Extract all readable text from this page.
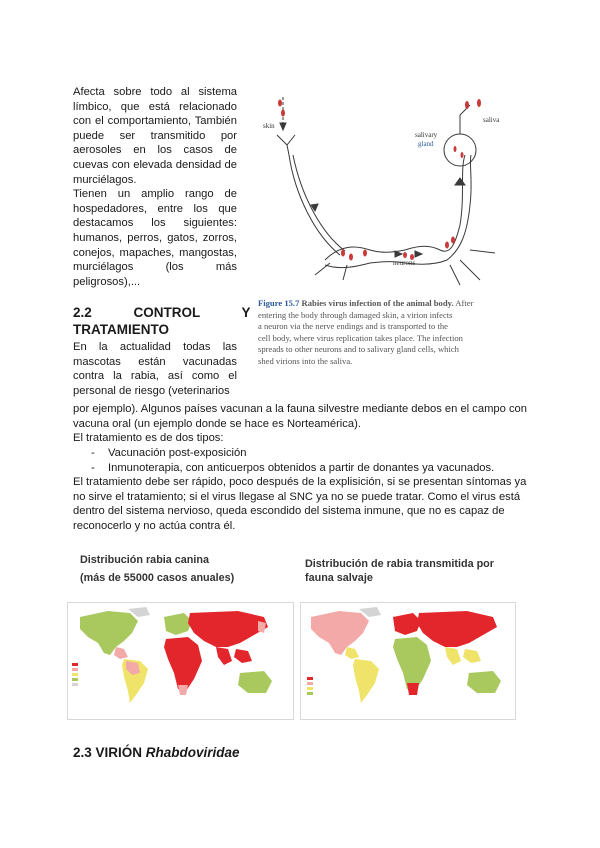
Afecta sobre todo al sistema
límbico, que está relacionado
con el comportamiento, También
puede ser transmitido por
aerosoles en los casos de
cuevas con elevada densidad de
murciélagos.
Tienen un amplio rango de
hospedadores, entre los que
destacamos los siguientes:
humanos, perros, gatos, zorros,
conejos, mapaches, mangostas,
murciélagos (los más
peligrosos),...
2.2 CONTROL Y
TRATAMIENTO
En la actualidad todas las
mascotas están vacunadas
contra la rabia, así como el
personal de riesgo (veterinarios
por ejemplo). Algunos países vacunan a la fauna silvestre mediante debos en el campo con
vacuna oral (un ejemplo donde se hace es Norteamérica).
El tratamiento es de dos tipos:
- Vacunación post-exposición
- Inmunoterapia, con anticuerpos obtenidos a partir de donantes ya vacunados.
El tratamiento debe ser rápido, poco después de la explisición, si se presentan síntomas ya
no sirve el tratamiento; si el virus llegase al SNC ya no se puede tratar. Como el virus está
dentro del sistema nervioso, queda escondido del sistema inmune, que no es capaz de
reconocerlo y no actúa contra él.
skin
saliva
salivary
gland
neurons
Figure 15.7 Rabies virus infection of the animal body. After
entering the body through damaged skin, a virion infects
a neuron via the nerve endings and is transported to the
cell body, where virus replication takes place. The infection
spreads to other neurons and to salivary gland cells, which
shed virions into the saliva.
Distribución rabia canina
(más de 55000 casos anuales)
Distribución de rabia transmitida por
fauna salvaje
2.3 VIRIÓN Rhabdoviridae
